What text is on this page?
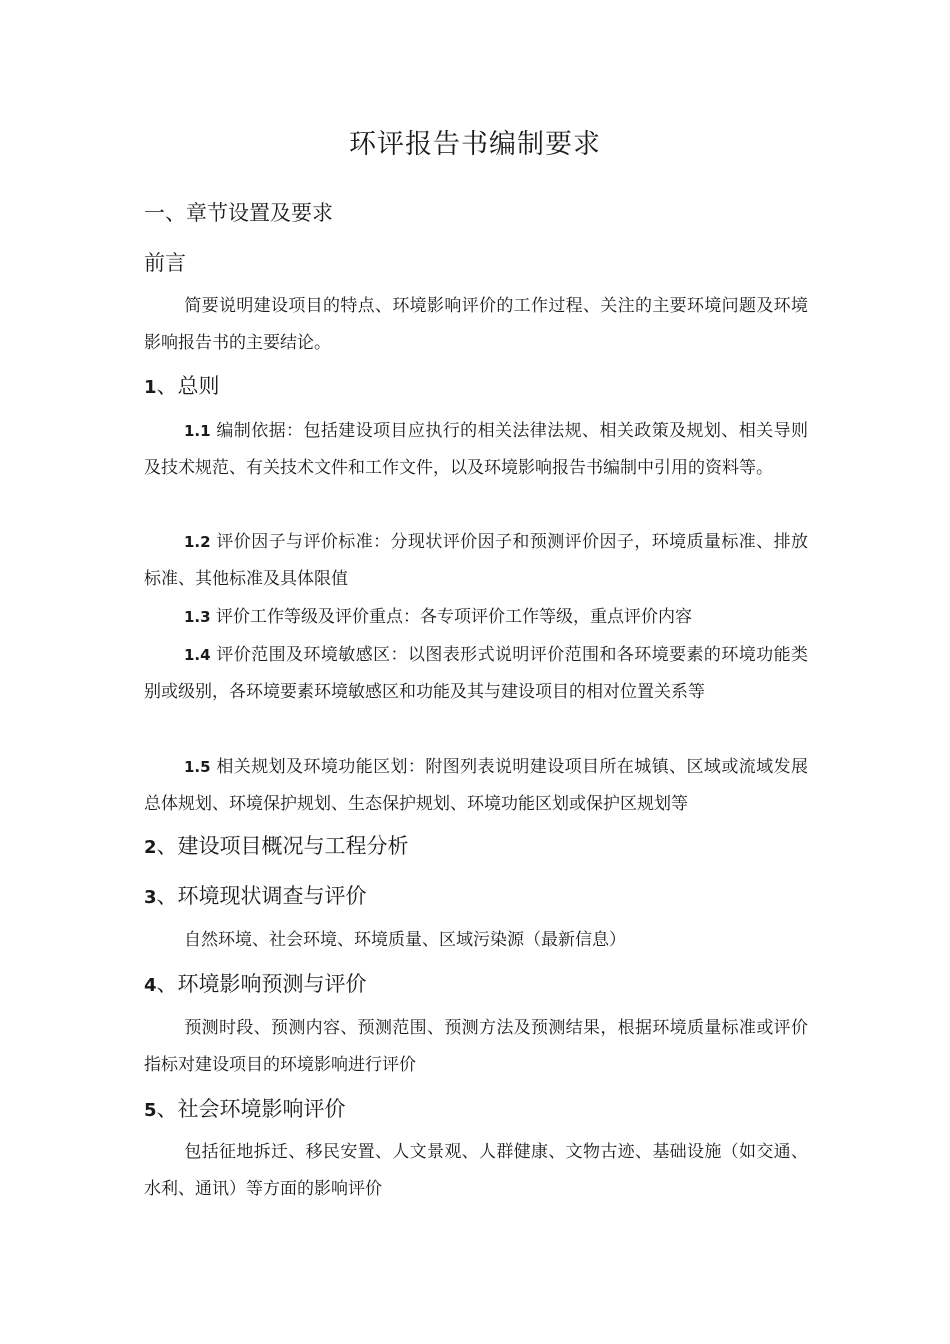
环评报告书编制要求
一、章节设置及要求
前言

简要说明建设项目的特点、环境影响评价的工作过程、关注的主要环境问题及环境影响报告书的主要结论。

1、总则

1.1 编制依据：包括建设项目应执行的相关法律法规、相关政策及规划、相关导则及技术规范、有关技术文件和工作文件，以及环境影响报告书编制中引用的资料等。

1.2 评价因子与评价标准：分现状评价因子和预测评价因子，环境质量标准、排放标准、其他标准及具体限值

1.3 评价工作等级及评价重点：各专项评价工作等级，重点评价内容

1.4 评价范围及环境敏感区：以图表形式说明评价范围和各环境要素的环境功能类别或级别，各环境要素环境敏感区和功能及其与建设项目的相对位置关系等

1.5 相关规划及环境功能区划：附图列表说明建设项目所在城镇、区域或流域发展总体规划、环境保护规划、生态保护规划、环境功能区划或保护区规划等

2、建设项目概况与工程分析
3、环境现状调查与评价

自然环境、社会环境、环境质量、区域污染源（最新信息）

4、环境影响预测与评价

预测时段、预测内容、预测范围、预测方法及预测结果，根据环境质量标准或评价指标对建设项目的环境影响进行评价

5、社会环境影响评价

包括征地拆迁、移民安置、人文景观、人群健康、文物古迹、基础设施（如交通、水利、通讯）等方面的影响评价
